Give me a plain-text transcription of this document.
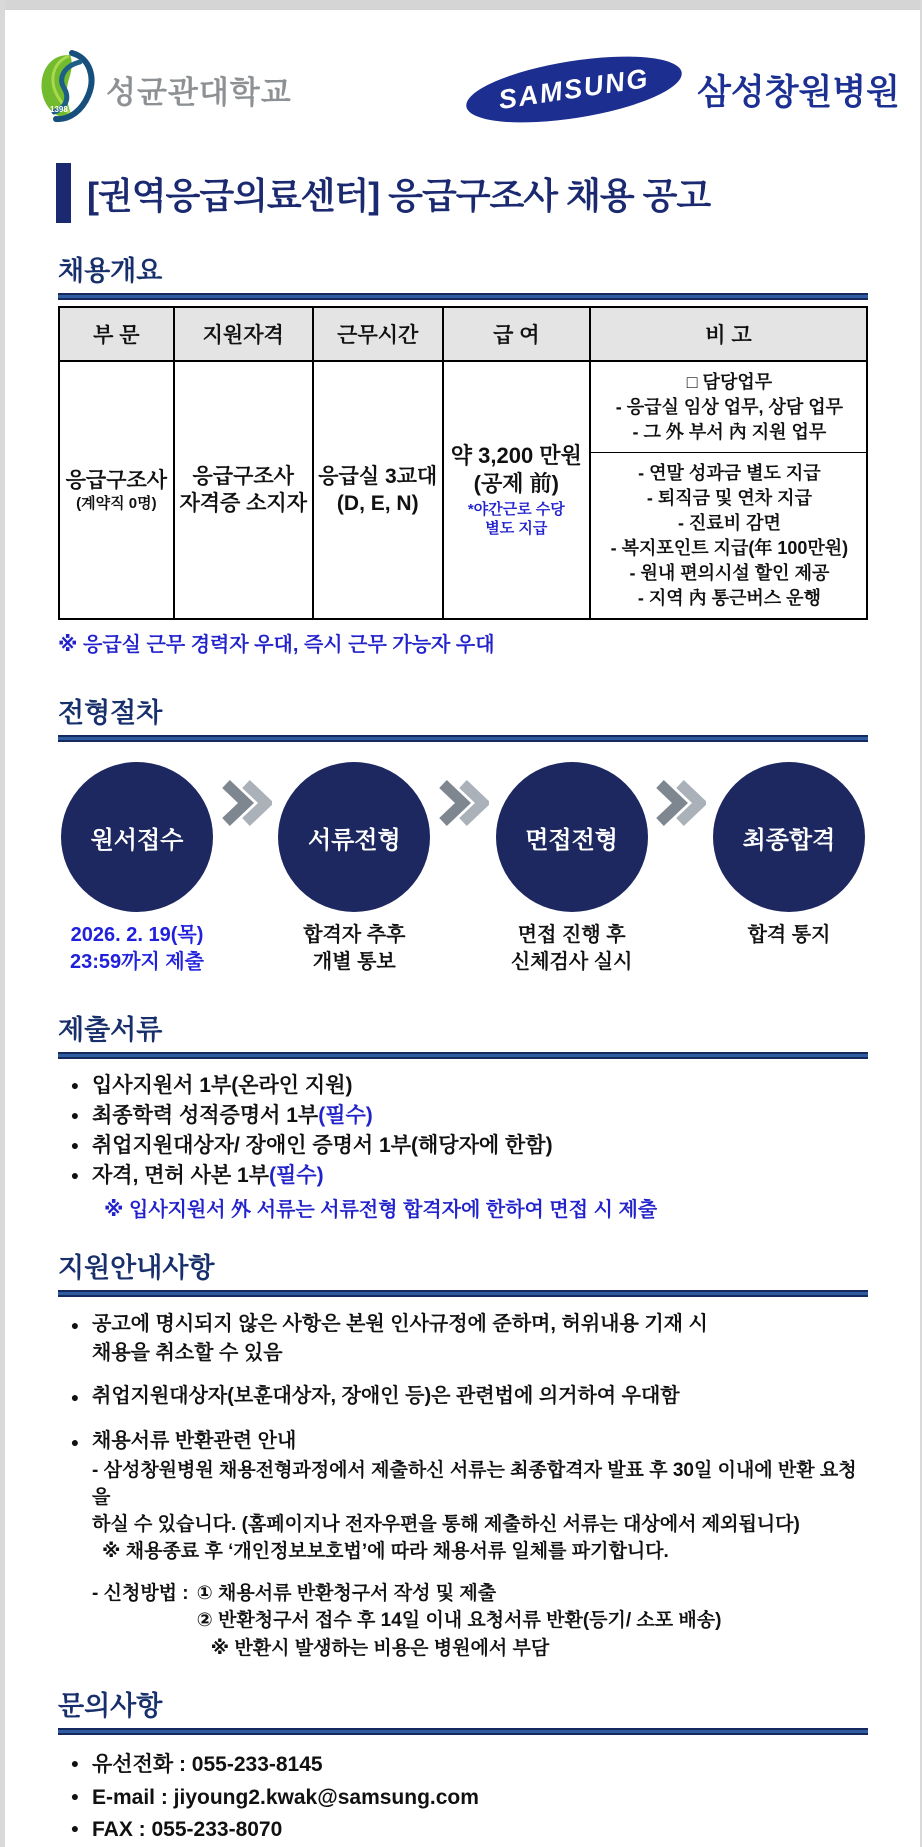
1398 성균관대학교	SAMSUNG 삼성창원병원
[권역응급의료센터] 응급구조사 채용 공고
채용개요
부 문	지원자격	근무시간	급 여	비 고

응급구조사
(계약직 0명)

응급구조사
자격증 소지자

응급실 3교대
(D, E, N)

약 3,200 만원
(공제 前)
*야간근로 수당
별도 지급

□ 담당업무
- 응급실 임상 업무, 상담 업무
- 그 外 부서 內 지원 업무
- 연말 성과금 별도 지급
- 퇴직금 및 연차 지급
- 진료비 감면
- 복지포인트 지급(年 100만원)
- 원내 편의시설 할인 제공
- 지역 內 통근버스 운행
※ 응급실 근무 경력자 우대, 즉시 근무 가능자 우대
전형절차
원서접수	서류전형	면접전형	최종합격
2026. 2. 19(목)
23:59까지 제출
합격자 추후
개별 통보
면접 진행 후
신체검사 실시
합격 통지
제출서류
● 입사지원서 1부(온라인 지원)
● 최종학력 성적증명서 1부(필수)
● 취업지원대상자/ 장애인 증명서 1부(해당자에 한함)
● 자격, 면허 사본 1부(필수)
※ 입사지원서 外 서류는 서류전형 합격자에 한하여 면접 시 제출
지원안내사항
● 공고에 명시되지 않은 사항은 본원 인사규정에 준하며, 허위내용 기재 시
채용을 취소할 수 있음
● 취업지원대상자(보훈대상자, 장애인 등)은 관련법에 의거하여 우대함
● 채용서류 반환관련 안내
- 삼성창원병원 채용전형과정에서 제출하신 서류는 최종합격자 발표 후 30일 이내에 반환 요청을
하실 수 있습니다. (홈페이지나 전자우편을 통해 제출하신 서류는 대상에서 제외됩니다)
※ 채용종료 후 ‘개인정보보호법’에 따라 채용서류 일체를 파기합니다.
- 신청방법 : ① 채용서류 반환청구서 작성 및 제출
② 반환청구서 접수 후 14일 이내 요청서류 반환(등기/ 소포 배송)
※ 반환시 발생하는 비용은 병원에서 부담
문의사항
● 유선전화 : 055-233-8145
● E-mail : jiyoung2.kwak@samsung.com
● FAX : 055-233-8070
